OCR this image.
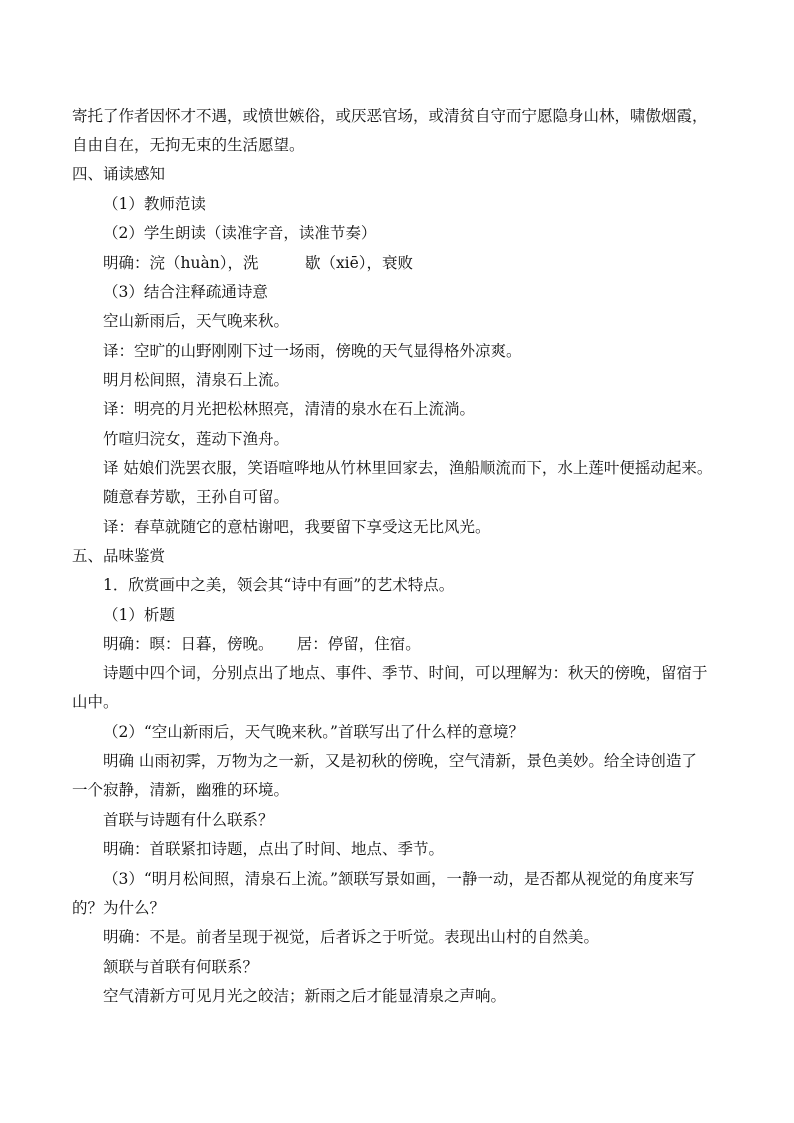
寄托了作者因怀才不遇，或愤世嫉俗，或厌恶官场，或清贫自守而宁愿隐身山林，啸傲烟霞，
自由自在，无拘无束的生活愿望。
四、诵读感知
（1）教师范读
（2）学生朗读（读准字音，读准节奏）
明确：浣（huàn），洗　　　歇（xiē），衰败
（3）结合注释疏通诗意
空山新雨后，天气晚来秋。
译：空旷的山野刚刚下过一场雨，傍晚的天气显得格外凉爽。
明月松间照，清泉石上流。
译：明亮的月光把松林照亮，清清的泉水在石上流淌。
竹喧归浣女，莲动下渔舟。
译 姑娘们洗罢衣服，笑语喧哗地从竹林里回家去，渔船顺流而下，水上莲叶便摇动起来。
随意春芳歇，王孙自可留。
译：春草就随它的意枯谢吧，我要留下享受这无比风光。
五、品味鉴赏
1．欣赏画中之美，领会其“诗中有画”的艺术特点。
（1）析题
明确：暝：日暮，傍晚。　　居：停留，住宿。
诗题中四个词，分别点出了地点、事件、季节、时间，可以理解为：秋天的傍晚，留宿于
山中。
（2）“空山新雨后，天气晚来秋。”首联写出了什么样的意境？
明确 山雨初霁，万物为之一新，又是初秋的傍晚，空气清新，景色美妙。给全诗创造了
一个寂静，清新，幽雅的环境。
首联与诗题有什么联系？
明确：首联紧扣诗题，点出了时间、地点、季节。
（3）“明月松间照，清泉石上流。”颔联写景如画，一静一动，是否都从视觉的角度来写
的？为什么？
明确：不是。前者呈现于视觉，后者诉之于听觉。表现出山村的自然美。
颔联与首联有何联系？
空气清新方可见月光之皎洁；新雨之后才能显清泉之声响。
